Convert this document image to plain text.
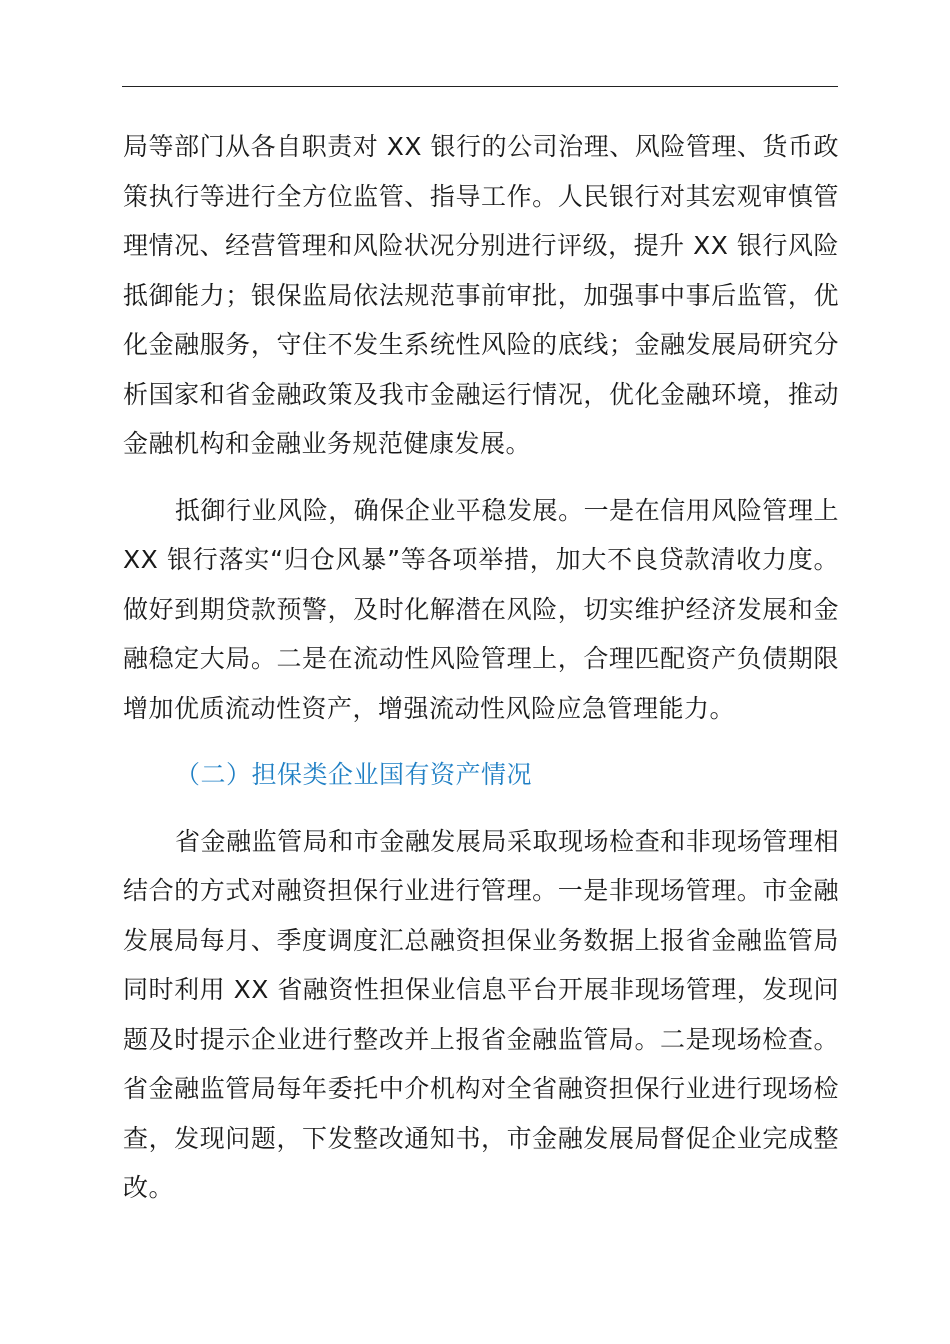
局等部门从各自职责对 XX 银行的公司治理、风险管理、货币政策执行等进行全方位监管、指导工作。人民银行对其宏观审慎管理情况、经营管理和风险状况分别进行评级，提升 XX 银行风险抵御能力；银保监局依法规范事前审批，加强事中事后监管，优化金融服务，守住不发生系统性风险的底线；金融发展局研究分析国家和省金融政策及我市金融运行情况，优化金融环境，推动金融机构和金融业务规范健康发展。

抵御行业风险，确保企业平稳发展。一是在信用风险管理上XX 银行落实“归仓风暴”等各项举措，加大不良贷款清收力度。做好到期贷款预警，及时化解潜在风险，切实维护经济发展和金融稳定大局。二是在流动性风险管理上，合理匹配资产负债期限增加优质流动性资产，增强流动性风险应急管理能力。

（二）担保类企业国有资产情况

省金融监管局和市金融发展局采取现场检查和非现场管理相结合的方式对融资担保行业进行管理。一是非现场管理。市金融发展局每月、季度调度汇总融资担保业务数据上报省金融监管局同时利用 XX 省融资性担保业信息平台开展非现场管理，发现问题及时提示企业进行整改并上报省金融监管局。二是现场检查。省金融监管局每年委托中介机构对全省融资担保行业进行现场检查，发现问题，下发整改通知书，市金融发展局督促企业完成整改。
